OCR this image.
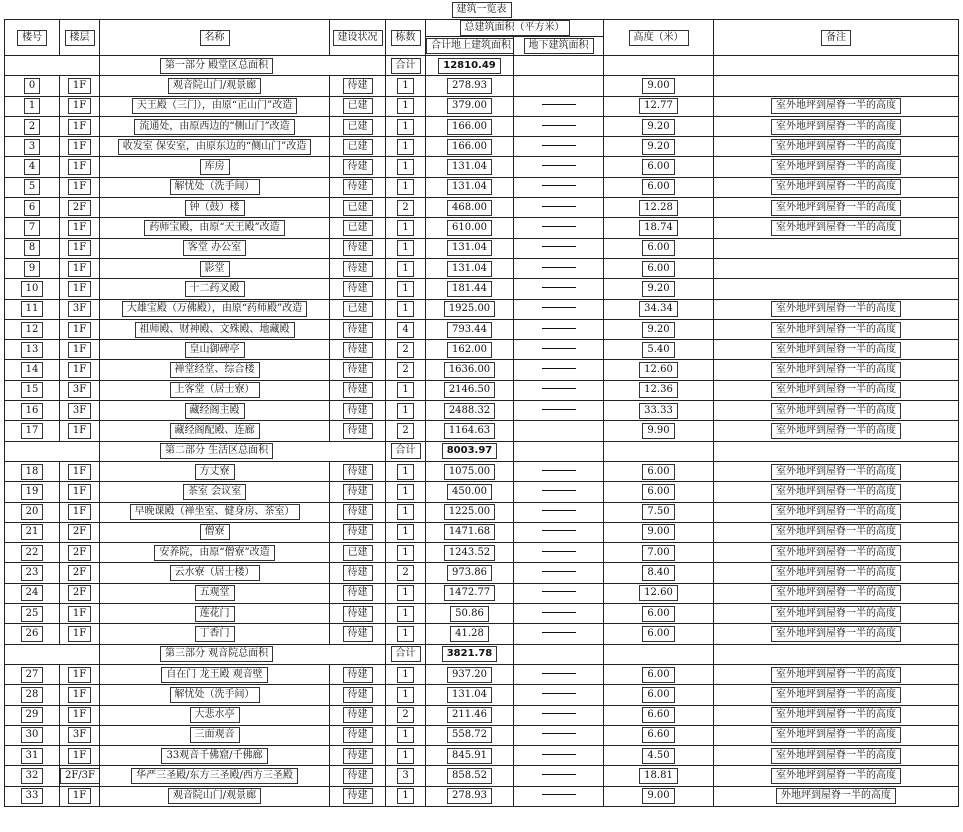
建筑一览表								
楼号	楼层	名称	建设状况	栋数	总建筑面积（平方米）		高度（米）	备注
					合计地上建筑面积	地下建筑面积		
		第一部分 殿堂区总面积		合计	12810.49			
0	1F	观音院山门/观景廊	待建	1	278.93		9.00	
1	1F	天王殿（三门），由原“正山门”改造	已建	1	379.00		12.77	室外地坪到屋脊一半的高度
2	1F	流通处，由原西边的“侧山门”改造	已建	1	166.00		9.20	室外地坪到屋脊一半的高度
3	1F	收发室 保安室，由原东边的“侧山门”改造	已建	1	166.00		9.20	室外地坪到屋脊一半的高度
4	1F	库房	待建	1	131.04		6.00	室外地坪到屋脊一半的高度
5	1F	解忧处（洗手间）	待建	1	131.04		6.00	室外地坪到屋脊一半的高度
6	2F	钟（鼓）楼	已建	2	468.00		12.28	室外地坪到屋脊一半的高度
7	1F	药师宝殿，由原“天王殿”改造	已建	1	610.00		18.74	室外地坪到屋脊一半的高度
8	1F	客堂 办公室	待建	1	131.04		6.00	
9	1F	影堂	待建	1	131.04		6.00	
10	1F	十二药叉殿	待建	1	181.44		9.20	
11	3F	大雄宝殿（万佛殿），由原“药师殿”改造	已建	1	1925.00		34.34	室外地坪到屋脊一半的高度
12	1F	祖师殿、财神殿、文殊殿、地藏殿	待建	4	793.44		9.20	室外地坪到屋脊一半的高度
13	1F	皇山御碑亭	待建	2	162.00		5.40	室外地坪到屋脊一半的高度
14	1F	禅堂经堂、综合楼	待建	2	1636.00		12.60	室外地坪到屋脊一半的高度
15	3F	上客堂（居士寮）	待建	1	2146.50		12.36	室外地坪到屋脊一半的高度
16	3F	藏经阁主殿	待建	1	2488.32		33.33	室外地坪到屋脊一半的高度
17	1F	藏经阁配殿、连廊	待建	2	1164.63		9.90	室外地坪到屋脊一半的高度
		第二部分 生活区总面积		合计	8003.97			
18	1F	方丈寮	待建	1	1075.00		6.00	室外地坪到屋脊一半的高度
19	1F	茶室 会议室	待建	1	450.00		6.00	室外地坪到屋脊一半的高度
20	1F	早晚课殿（禅坐室、健身房、茶室）	待建	1	1225.00		7.50	室外地坪到屋脊一半的高度
21	2F	僧寮	待建	1	1471.68		9.00	室外地坪到屋脊一半的高度
22	2F	安养院，由原“僧寮”改造	已建	1	1243.52		7.00	室外地坪到屋脊一半的高度
23	2F	云水寮（居士楼）	待建	2	973.86		8.40	室外地坪到屋脊一半的高度
24	2F	五观堂	待建	1	1472.77		12.60	室外地坪到屋脊一半的高度
25	1F	莲花门	待建	1	50.86		6.00	室外地坪到屋脊一半的高度
26	1F	丁香门	待建	1	41.28		6.00	室外地坪到屋脊一半的高度
		第三部分 观音院总面积		合计	3821.78			
27	1F	自在门 龙王殿 观音壁	待建	1	937.20		6.00	室外地坪到屋脊一半的高度
28	1F	解忧处（洗手间）	待建	1	131.04		6.00	室外地坪到屋脊一半的高度
29	1F	大悲水亭	待建	2	211.46		6.60	室外地坪到屋脊一半的高度
30	3F	三面观音	待建	1	558.72		6.60	室外地坪到屋脊一半的高度
31	1F	33观音千佛窟/千佛廊	待建	1	845.91		4.50	室外地坪到屋脊一半的高度
32	2F/3F	华严三圣殿/东方三圣殿/西方三圣殿	待建	3	858.52		18.81	室外地坪到屋脊一半的高度
33	1F	观音院山门/观景廊	待建	1	278.93		9.00	外地坪到屋脊一半的高度
